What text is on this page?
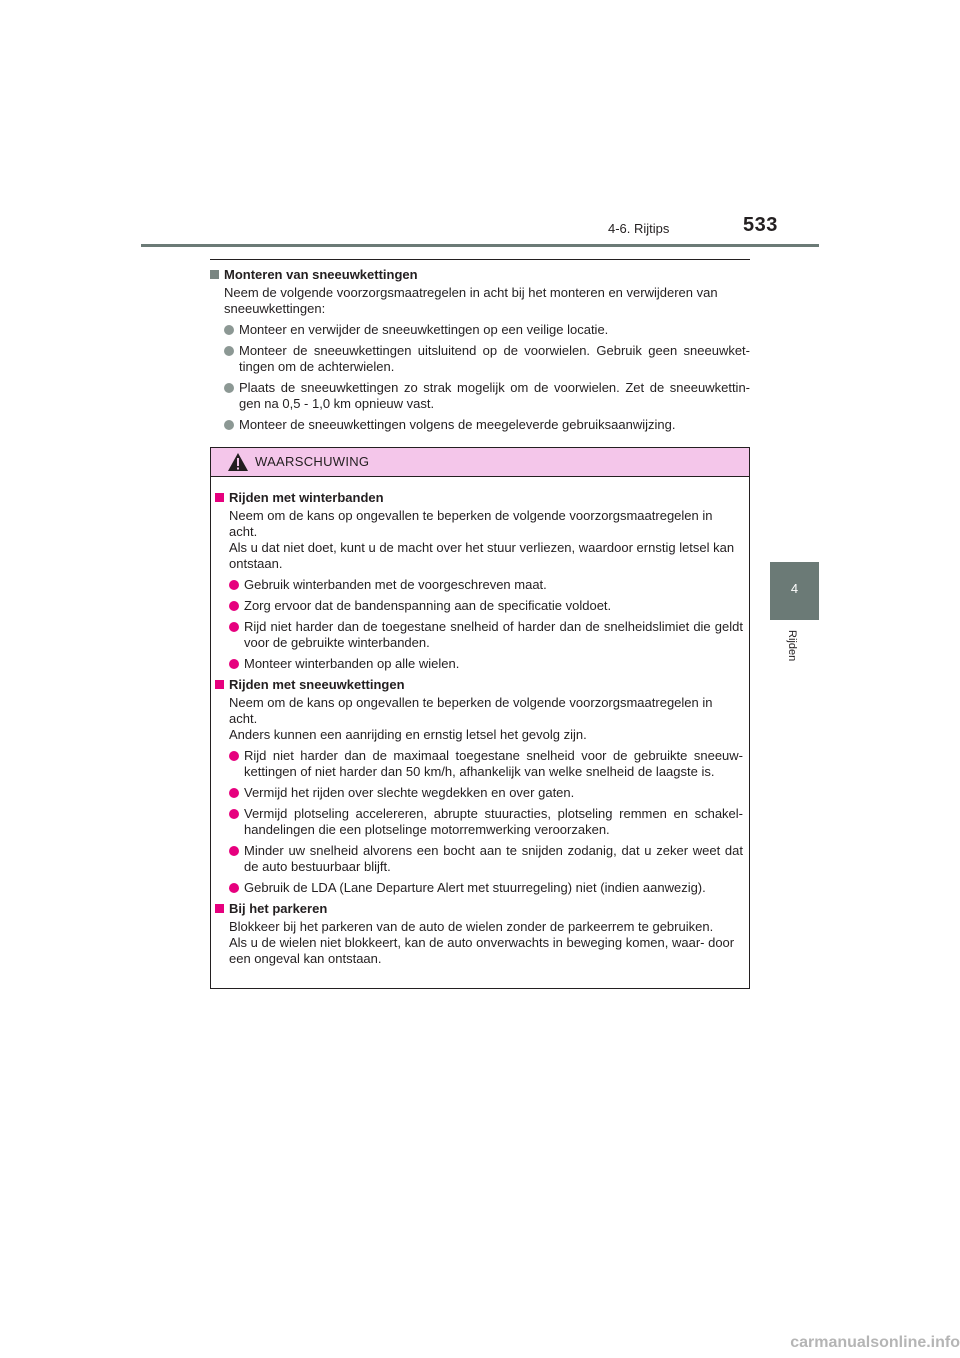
4-6. Rijtips	533
4
Rijden
Monteren van sneeuwkettingen
Neem de volgende voorzorgsmaatregelen in acht bij het monteren en verwijderen van sneeuwkettingen:
Monteer en verwijder de sneeuwkettingen op een veilige locatie.
Monteer de sneeuwkettingen uitsluitend op de voorwielen. Gebruik geen sneeuwket- tingen om de achterwielen.
Plaats de sneeuwkettingen zo strak mogelijk om de voorwielen. Zet de sneeuwkettin- gen na 0,5 - 1,0 km opnieuw vast.
Monteer de sneeuwkettingen volgens de meegeleverde gebruiksaanwijzing.
WAARSCHUWING
Rijden met winterbanden
Neem om de kans op ongevallen te beperken de volgende voorzorgsmaatregelen in acht.
Als u dat niet doet, kunt u de macht over het stuur verliezen, waardoor ernstig letsel kan ontstaan.
Gebruik winterbanden met de voorgeschreven maat.
Zorg ervoor dat de bandenspanning aan de specificatie voldoet.
Rijd niet harder dan de toegestane snelheid of harder dan de snelheidslimiet die geldt voor de gebruikte winterbanden.
Monteer winterbanden op alle wielen.
Rijden met sneeuwkettingen
Neem om de kans op ongevallen te beperken de volgende voorzorgsmaatregelen in acht.
Anders kunnen een aanrijding en ernstig letsel het gevolg zijn.
Rijd niet harder dan de maximaal toegestane snelheid voor de gebruikte sneeuw- kettingen of niet harder dan 50 km/h, afhankelijk van welke snelheid de laagste is.
Vermijd het rijden over slechte wegdekken en over gaten.
Vermijd plotseling accelereren, abrupte stuuracties, plotseling remmen en schakel- handelingen die een plotselinge motorremwerking veroorzaken.
Minder uw snelheid alvorens een bocht aan te snijden zodanig, dat u zeker weet dat de auto bestuurbaar blijft.
Gebruik de LDA (Lane Departure Alert met stuurregeling) niet (indien aanwezig).
Bij het parkeren
Blokkeer bij het parkeren van de auto de wielen zonder de parkeerrem te gebruiken.
Als u de wielen niet blokkeert, kan de auto onverwachts in beweging komen, waar- door een ongeval kan ontstaan.
carmanualsonline.info
